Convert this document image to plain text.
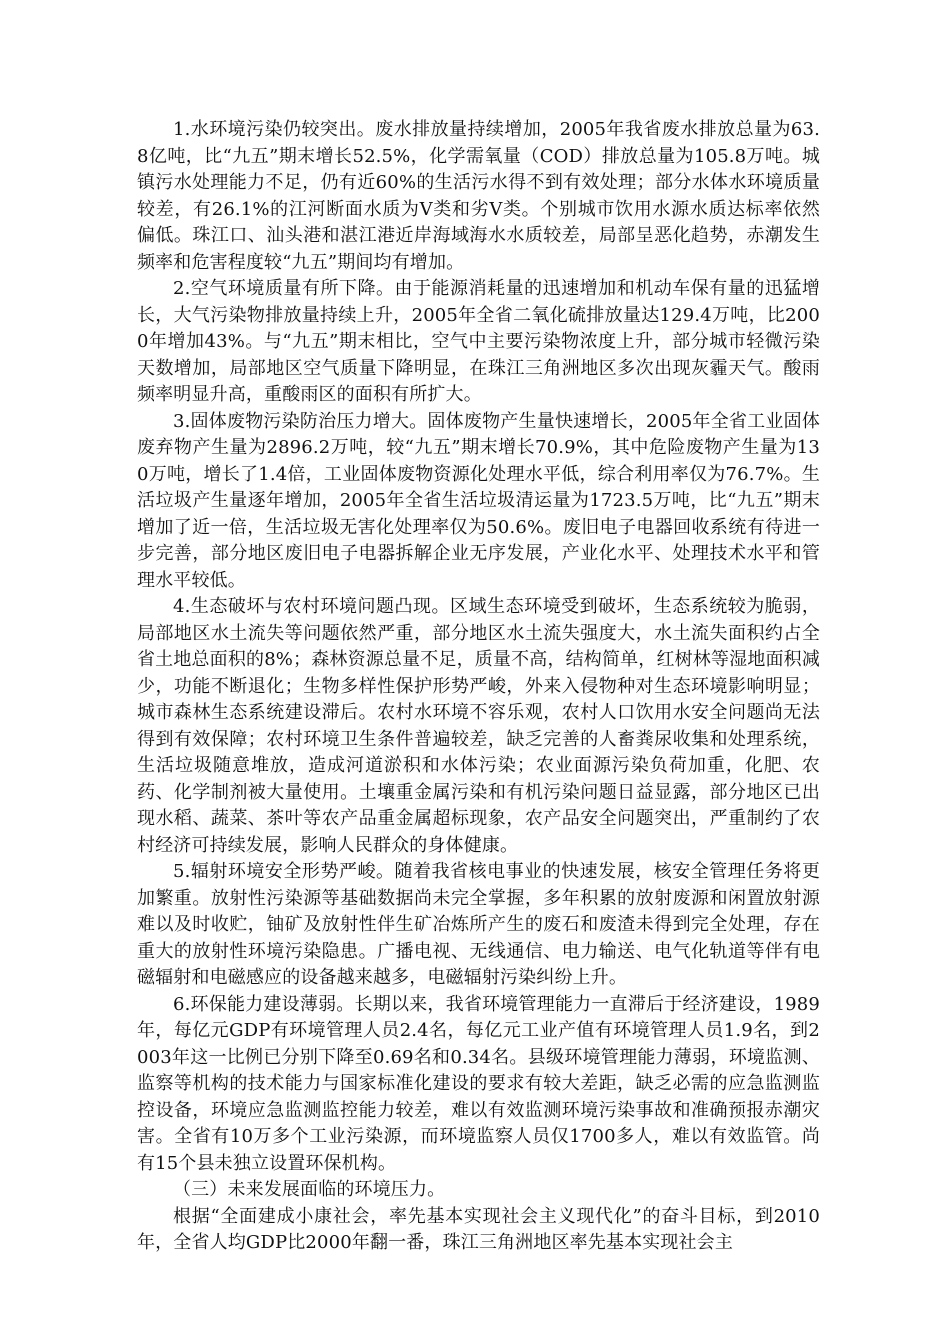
1.水环境污染仍较突出。废水排放量持续增加，2005年我省废水排放总量为63.8亿吨，比“九五”期末增长52.5%，化学需氧量（COD）排放总量为105.8万吨。城镇污水处理能力不足，仍有近60%的生活污水得不到有效处理；部分水体水环境质量较差，有26.1%的江河断面水质为Ⅴ类和劣Ⅴ类。个别城市饮用水源水质达标率依然偏低。珠江口、汕头港和湛江港近岸海域海水水质较差，局部呈恶化趋势，赤潮发生频率和危害程度较“九五”期间均有增加。

2.空气环境质量有所下降。由于能源消耗量的迅速增加和机动车保有量的迅猛增长，大气污染物排放量持续上升，2005年全省二氧化硫排放量达129.4万吨，比2000年增加43%。与“九五”期末相比，空气中主要污染物浓度上升，部分城市轻微污染天数增加，局部地区空气质量下降明显，在珠江三角洲地区多次出现灰霾天气。酸雨频率明显升高，重酸雨区的面积有所扩大。

3.固体废物污染防治压力增大。固体废物产生量快速增长，2005年全省工业固体废弃物产生量为2896.2万吨，较“九五”期末增长70.9%，其中危险废物产生量为130万吨，增长了1.4倍，工业固体废物资源化处理水平低，综合利用率仅为76.7%。生活垃圾产生量逐年增加，2005年全省生活垃圾清运量为1723.5万吨，比“九五”期末增加了近一倍，生活垃圾无害化处理率仅为50.6%。废旧电子电器回收系统有待进一步完善，部分地区废旧电子电器拆解企业无序发展，产业化水平、处理技术水平和管理水平较低。

4.生态破坏与农村环境问题凸现。区域生态环境受到破坏，生态系统较为脆弱，局部地区水土流失等问题依然严重，部分地区水土流失强度大，水土流失面积约占全省土地总面积的8%；森林资源总量不足，质量不高，结构简单，红树林等湿地面积减少，功能不断退化；生物多样性保护形势严峻，外来入侵物种对生态环境影响明显；城市森林生态系统建设滞后。农村水环境不容乐观，农村人口饮用水安全问题尚无法得到有效保障；农村环境卫生条件普遍较差，缺乏完善的人畜粪尿收集和处理系统，生活垃圾随意堆放，造成河道淤积和水体污染；农业面源污染负荷加重，化肥、农药、化学制剂被大量使用。土壤重金属污染和有机污染问题日益显露，部分地区已出现水稻、蔬菜、茶叶等农产品重金属超标现象，农产品安全问题突出，严重制约了农村经济可持续发展，影响人民群众的身体健康。

5.辐射环境安全形势严峻。随着我省核电事业的快速发展，核安全管理任务将更加繁重。放射性污染源等基础数据尚未完全掌握，多年积累的放射废源和闲置放射源难以及时收贮，铀矿及放射性伴生矿冶炼所产生的废石和废渣未得到完全处理，存在重大的放射性环境污染隐患。广播电视、无线通信、电力输送、电气化轨道等伴有电磁辐射和电磁感应的设备越来越多，电磁辐射污染纠纷上升。

6.环保能力建设薄弱。长期以来，我省环境管理能力一直滞后于经济建设，1989年，每亿元GDP有环境管理人员2.4名，每亿元工业产值有环境管理人员1.9名，到2003年这一比例已分别下降至0.69名和0.34名。县级环境管理能力薄弱，环境监测、监察等机构的技术能力与国家标准化建设的要求有较大差距，缺乏必需的应急监测监控设备，环境应急监测监控能力较差，难以有效监测环境污染事故和准确预报赤潮灾害。全省有10万多个工业污染源，而环境监察人员仅1700多人，难以有效监管。尚有15个县未独立设置环保机构。

（三）未来发展面临的环境压力。

根据“全面建成小康社会，率先基本实现社会主义现代化”的奋斗目标，到2010年，全省人均GDP比2000年翻一番，珠江三角洲地区率先基本实现社会主
